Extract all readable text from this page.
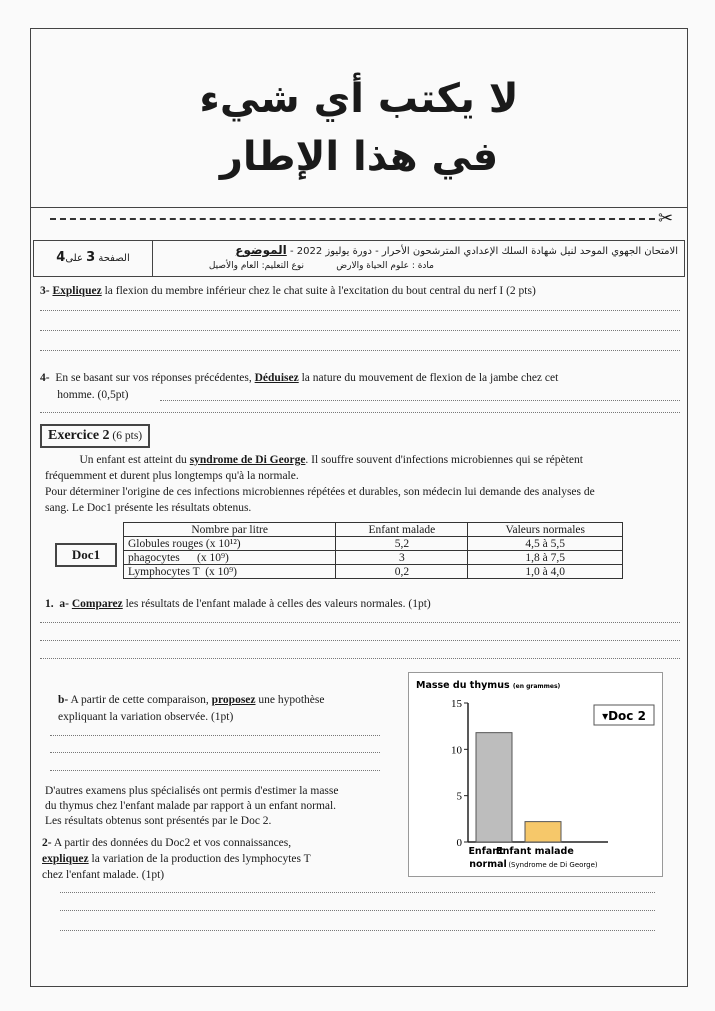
لا يكتب أي شيء
في هذا الإطار
✂
الصفحة 3 على4	الامتحان الجهوي الموحد لنيل شهادة السلك الإعدادي المترشحون الأحرار - دورة يوليوز 2022 - الموضوع
مادة : علوم الحياة والارض
نوع التعليم: العام والأصيل
3- Expliquez la flexion du membre inférieur chez le chat suite à l'excitation du bout central du nerf I (2 pts)
4- En se basant sur vos réponses précédentes, Déduisez la nature du mouvement de flexion de la jambe chez cet
homme. (0,5pt)
Exercice 2 (6 pts)
Un enfant est atteint du syndrome de Di George. Il souffre souvent d'infections microbiennes qui se répètent
fréquemment et durent plus longtemps qu'à la normale.
Pour déterminer l'origine de ces infections microbiennes répétées et durables, son médecin lui demande des analyses de
sang. Le Doc1 présente les résultats obtenus.
Doc1
Nombre par litre	Enfant malade	Valeurs normales
Globules rouges (x 10¹²)	5,2	4,5 à 5,5
phagocytes      (x 10⁹)	3	1,8 à 7,5
Lymphocytes T  (x 10⁹)	0,2	1,0 à 4,0
1. a- Comparez les résultats de l'enfant malade à celles des valeurs normales. (1pt)
b- A partir de cette comparaison, proposez une hypothèse
expliquant la variation observée. (1pt)
D'autres examens plus spécialisés ont permis d'estimer la masse
du thymus chez l'enfant malade par rapport à un enfant normal.
Les résultats obtenus sont présentés par le Doc 2.
2- A partir des données du Doc2 et vos connaissances,
expliquez la variation de la production des lymphocytes T
chez l'enfant malade. (1pt)
Masse du thymus (en grammes)
▾Doc 2
0
5
10
15
Enfant
normal
Enfant malade
(Syndrome de Di George)
